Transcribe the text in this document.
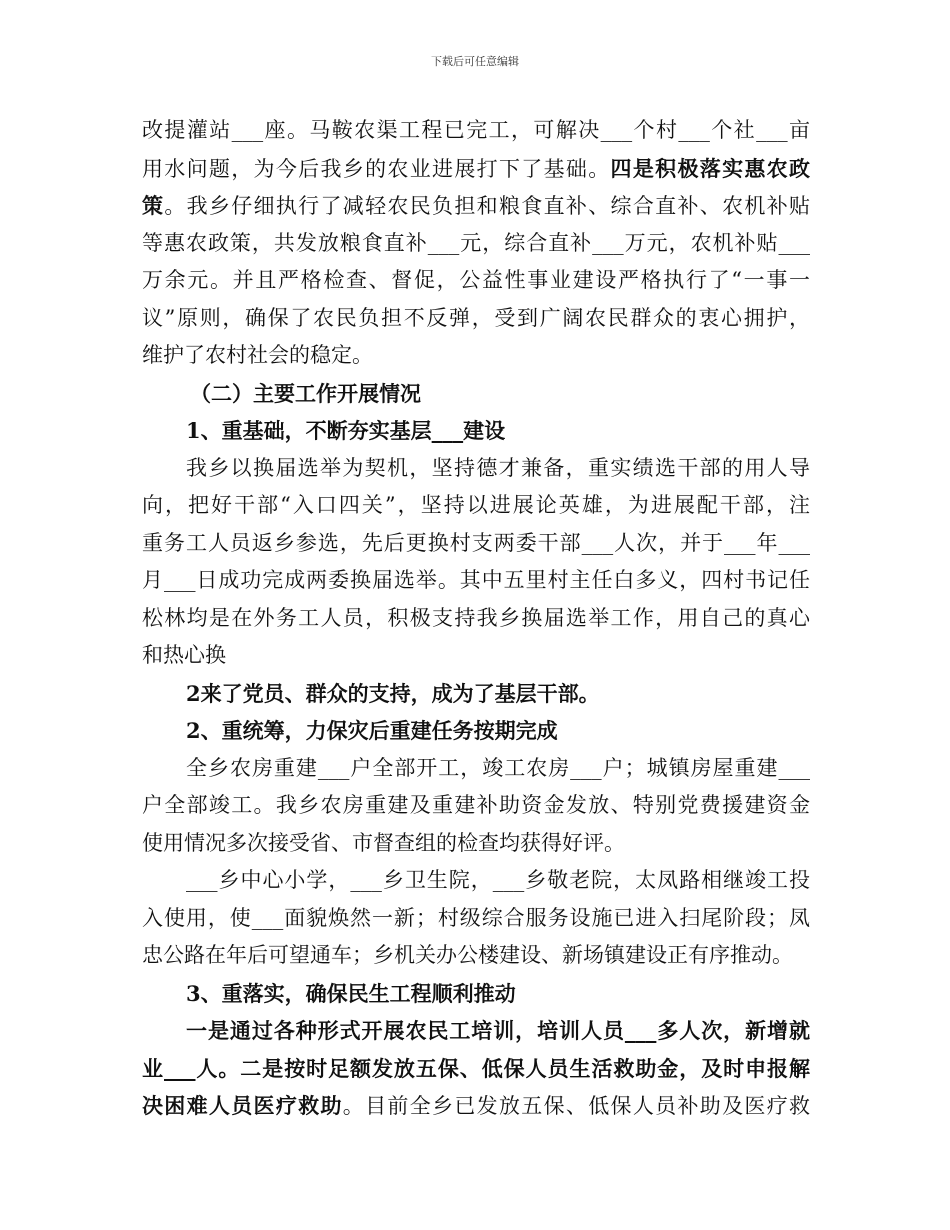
下载后可任意编辑
改提灌站___座。马鞍农渠工程已完工，可解决___个村___个社___亩
用水问题，为今后我乡的农业进展打下了基础。四是积极落实惠农政
策。我乡仔细执行了减轻农民负担和粮食直补、综合直补、农机补贴
等惠农政策，共发放粮食直补___元，综合直补___万元，农机补贴___
万余元。并且严格检查、督促，公益性事业建设严格执行了“一事一
议”原则，确保了农民负担不反弹，受到广阔农民群众的衷心拥护，
维护了农村社会的稳定。
（二）主要工作开展情况
1、重基础，不断夯实基层___建设
我乡以换届选举为契机，坚持德才兼备，重实绩选干部的用人导
向，把好干部“入口四关”，坚持以进展论英雄，为进展配干部，注
重务工人员返乡参选，先后更换村支两委干部___人次，并于___年___
月___日成功完成两委换届选举。其中五里村主任白多义，四村书记任
松林均是在外务工人员，积极支持我乡换届选举工作，用自己的真心
和热心换
2来了党员、群众的支持，成为了基层干部。
2、重统筹，力保灾后重建任务按期完成
全乡农房重建___户全部开工，竣工农房___户；城镇房屋重建___
户全部竣工。我乡农房重建及重建补助资金发放、特别党费援建资金
使用情况多次接受省、市督查组的检查均获得好评。
___乡中心小学，___乡卫生院，___乡敬老院，太凤路相继竣工投
入使用，使___面貌焕然一新；村级综合服务设施已进入扫尾阶段；凤
忠公路在年后可望通车；乡机关办公楼建设、新场镇建设正有序推动。
3、重落实，确保民生工程顺利推动
一是通过各种形式开展农民工培训，培训人员___多人次，新增就
业___人。二是按时足额发放五保、低保人员生活救助金，及时申报解
决困难人员医疗救助。目前全乡已发放五保、低保人员补助及医疗救
